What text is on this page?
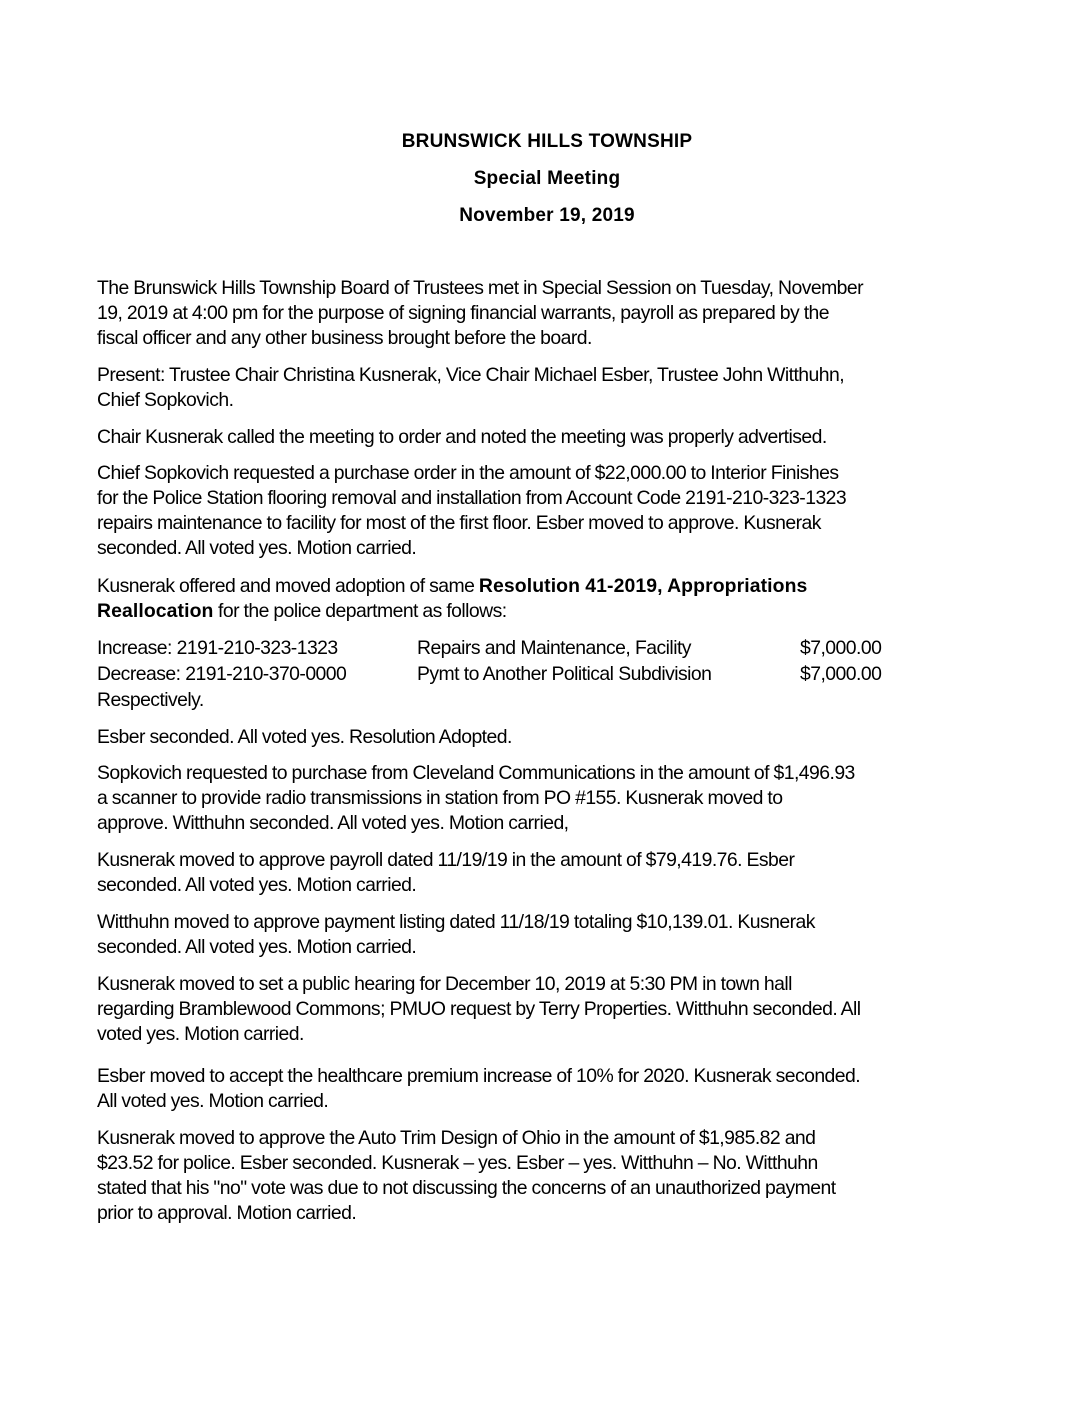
BRUNSWICK HILLS TOWNSHIP
Special Meeting
November 19, 2019
The Brunswick Hills Township Board of Trustees met in Special Session on Tuesday, November
19, 2019 at 4:00 pm for the purpose of signing financial warrants, payroll as prepared by the
fiscal officer and any other business brought before the board.
Present: Trustee Chair Christina Kusnerak, Vice Chair Michael Esber, Trustee John Witthuhn,
Chief Sopkovich.
Chair Kusnerak called the meeting to order and noted the meeting was properly advertised.
Chief Sopkovich requested a purchase order in the amount of $22,000.00 to Interior Finishes
for the Police Station flooring removal and installation from Account Code 2191-210-323-1323
repairs maintenance to facility for most of the first floor. Esber moved to approve. Kusnerak
seconded. All voted yes. Motion carried.
Kusnerak offered and moved adoption of same Resolution 41-2019, Appropriations
Reallocation for the police department as follows:
Increase: 2191-210-323-1323	Repairs and Maintenance, Facility	$7,000.00
Decrease: 2191-210-370-0000	Pymt to Another Political Subdivision	$7,000.00
Respectively.
Esber seconded. All voted yes. Resolution Adopted.
Sopkovich requested to purchase from Cleveland Communications in the amount of $1,496.93
a scanner to provide radio transmissions in station from PO #155. Kusnerak moved to
approve. Witthuhn seconded. All voted yes. Motion carried,
Kusnerak moved to approve payroll dated 11/19/19 in the amount of $79,419.76. Esber
seconded. All voted yes. Motion carried.
Witthuhn moved to approve payment listing dated 11/18/19 totaling $10,139.01. Kusnerak
seconded. All voted yes. Motion carried.
Kusnerak moved to set a public hearing for December 10, 2019 at 5:30 PM in town hall
regarding Bramblewood Commons; PMUO request by Terry Properties. Witthuhn seconded. All
voted yes. Motion carried.
Esber moved to accept the healthcare premium increase of 10% for 2020. Kusnerak seconded.
All voted yes. Motion carried.
Kusnerak moved to approve the Auto Trim Design of Ohio in the amount of $1,985.82 and
$23.52 for police. Esber seconded. Kusnerak – yes. Esber – yes. Witthuhn – No. Witthuhn
stated that his "no" vote was due to not discussing the concerns of an unauthorized payment
prior to approval. Motion carried.
